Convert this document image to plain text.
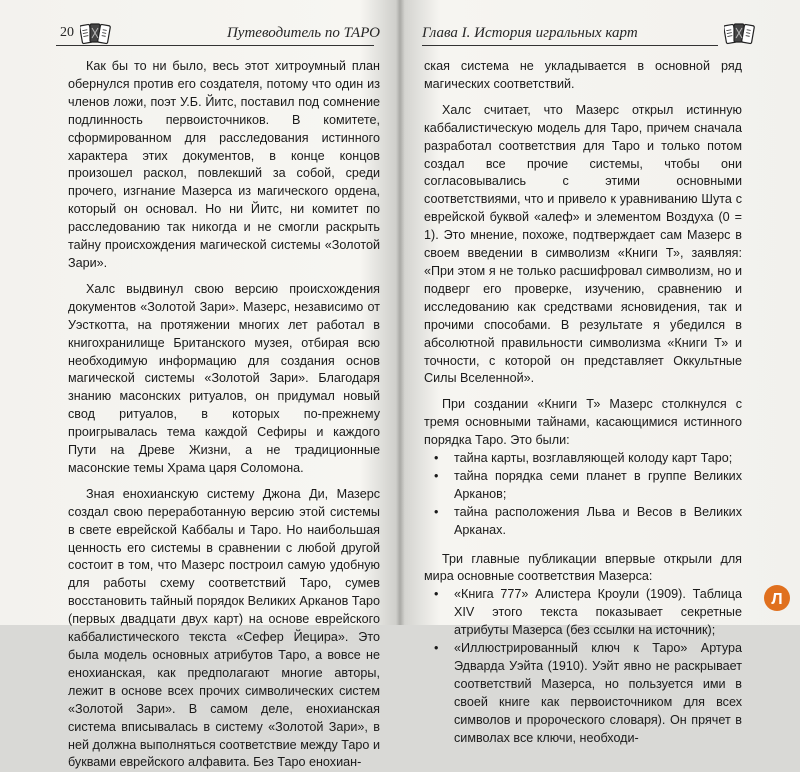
20	Путеводитель по ТАРО

Как бы то ни было, весь этот хитроумный план обернулся против его создателя, потому что один из членов ложи, поэт У.Б. Йитс, поставил под сомнение подлинность первоисточников. В комитете, сформированном для расследования истинного характера этих документов, в конце концов произошел раскол, повлекший за собой, среди прочего, изгнание Мазерса из магического ордена, который он основал. Но ни Йитс, ни комитет по расследованию так никогда и не смогли раскрыть тайну происхождения магической системы «Золотой Зари».

Халс выдвинул свою версию происхождения документов «Золотой Зари». Мазерс, независимо от Уэсткотта, на протяжении многих лет работал в книгохранилище Британского музея, отбирая всю необходимую информацию для создания основ магической системы «Золотой Зари». Благодаря знанию масонских ритуалов, он придумал новый свод ритуалов, в которых по-прежнему проигрывалась тема каждой Сефиры и каждого Пути на Древе Жизни, а не традиционные масонские темы Храма царя Соломона.

Зная енохианскую систему Джона Ди, Мазерс создал свою переработанную версию этой системы в свете еврейской Каббалы и Таро. Но наибольшая ценность его системы в сравнении с любой другой состоит в том, что Мазерс построил самую удобную для работы схему соответствий Таро, сумев восстановить тайный порядок Великих Арканов Таро (первых двадцати двух карт) на основе еврейского каббалистического текста «Сефер Йецира». Это была модель основных атрибутов Таро, а вовсе не енохианская, как предполагают многие авторы, лежит в основе всех прочих символических систем «Золотой Зари». В самом деле, енохианская система вписывалась в систему «Золотой Зари», в ней должна выполняться соответствие между Таро и буквами еврейского алфавита. Без Таро енохиан-

Глава I. История игральных карт

ская система не укладывается в основной ряд магических соответствий.

Халс считает, что Мазерс открыл истинную каббалистическую модель для Таро, причем сначала разработал соответствия для Таро и только потом создал все прочие системы, чтобы они согласовывались с этими основными соответствиями, что и привело к уравниванию Шута с еврейской буквой «алеф» и элементом Воздуха (0 = 1). Это мнение, похоже, подтверждает сам Мазерс в своем введении в символизм «Книги Т», заявляя: «При этом я не только расшифровал символизм, но и подверг его проверке, изучению, сравнению и исследованию как средствами ясновидения, так и прочими способами. В результате я убедился в абсолютной правильности символизма «Книги Т» и точности, с которой он представляет Оккультные Силы Вселенной».

При создании «Книги Т» Мазерс столкнулся с тремя основными тайнами, касающимися истинного порядка Таро. Это были:

• тайна карты, возглавляющей колоду карт Таро;
• тайна порядка семи планет в группе Великих Арканов;
• тайна расположения Льва и Весов в Великих Арканах.

Три главные публикации впервые открыли для мира основные соответствия Мазерса:

• «Книга 777» Алистера Кроули (1909). Таблица XIV этого текста показывает секретные атрибуты Мазерса (без ссылки на источник);
• «Иллюстрированный ключ к Таро» Артура Эдварда Уэйта (1910). Уэйт явно не раскрывает соответствий Мазерса, но пользуется ими в своей книге как первоисточником для всех символов и пророческого словаря). Он прячет в символах все ключи, необходи-
Л
